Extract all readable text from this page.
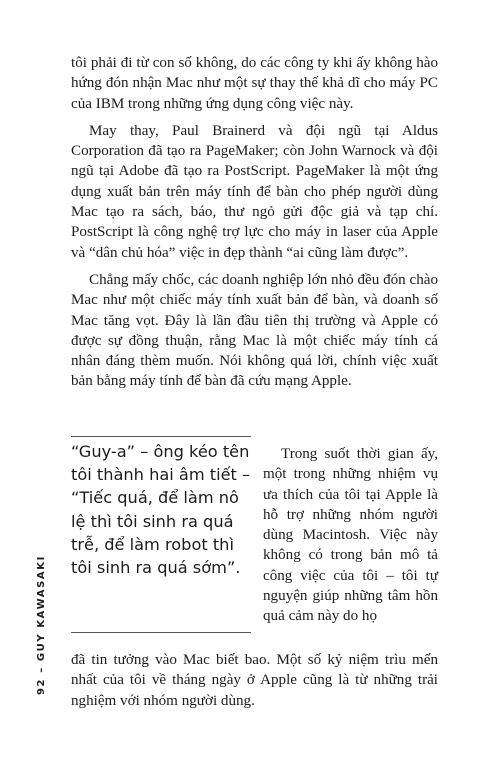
92 – GUY KAWASAKI

tôi phải đi từ con số không, do các công ty khi ấy không hào hứng đón nhận Mac như một sự thay thế khả dĩ cho máy PC của IBM trong những ứng dụng công việc này.

May thay, Paul Brainerd và đội ngũ tại Aldus Corporation đã tạo ra PageMaker; còn John Warnock và đội ngũ tại Adobe đã tạo ra PostScript. PageMaker là một ứng dụng xuất bản trên máy tính để bàn cho phép người dùng Mac tạo ra sách, báo, thư ngỏ gửi độc giả và tạp chí. PostScript là công nghệ trợ lực cho máy in laser của Apple và “dân chủ hóa” việc in đẹp thành “ai cũng làm được”.

Chẳng mấy chốc, các doanh nghiệp lớn nhỏ đều đón chào Mac như một chiếc máy tính xuất bản để bàn, và doanh số Mac tăng vọt. Đây là lần đầu tiên thị trường và Apple có được sự đồng thuận, rằng Mac là một chiếc máy tính cá nhân đáng thèm muốn. Nói không quá lời, chính việc xuất bản bằng máy tính để bàn đã cứu mạng Apple.

“Guy-a” – ông kéo tên tôi thành hai âm tiết – “Tiếc quá, để làm nô lệ thì tôi sinh ra quá trễ, để làm robot thì tôi sinh ra quá sớm”.

Trong suốt thời gian ấy, một trong những nhiệm vụ ưa thích của tôi tại Apple là hỗ trợ những nhóm người dùng Macintosh. Việc này không có trong bản mô tả công việc của tôi – tôi tự nguyện giúp những tâm hồn quả cảm này do họ

đã tin tưởng vào Mac biết bao. Một số kỷ niệm trìu mến nhất của tôi về tháng ngày ở Apple cũng là từ những trải nghiệm với nhóm người dùng.
